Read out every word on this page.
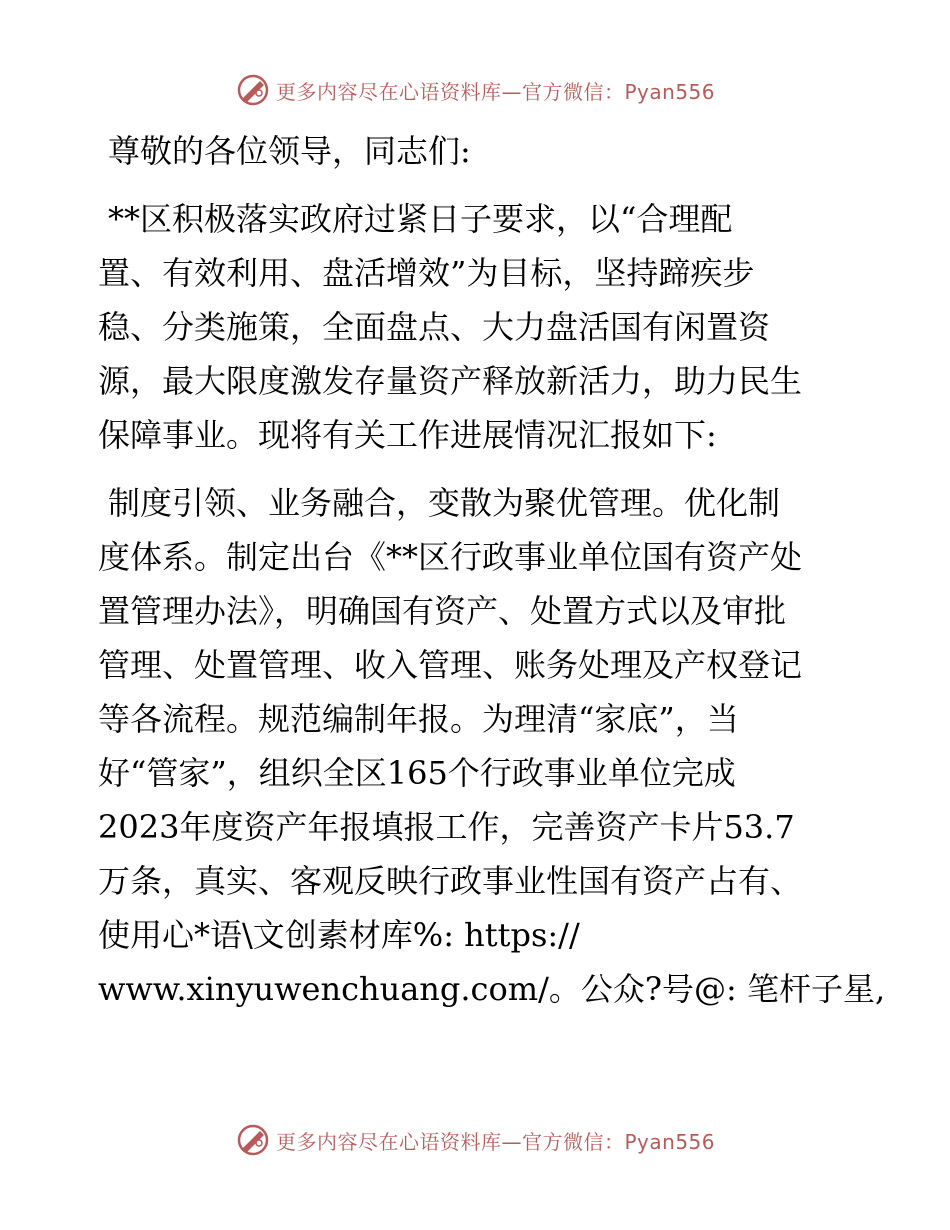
更多内容尽在心语资料库—官方微信：Pyan556
尊敬的各位领导，同志们:
**区积极落实政府过紧日子要求，以“合理配
置、有效利用、盘活增效”为目标，坚持蹄疾步
稳、分类施策，全面盘点、大力盘活国有闲置资
源，最大限度激发存量资产释放新活力，助力民生
保障事业。现将有关工作进展情况汇报如下:
制度引领、业务融合，变散为聚优管理。优化制
度体系。制定出台《**区行政事业单位国有资产处
置管理办法》，明确国有资产、处置方式以及审批
管理、处置管理、收入管理、账务处理及产权登记
等各流程。规范编制年报。为理清“家底”，当
好“管家”，组织全区165个行政事业单位完成
2023年度资产年报填报工作，完善资产卡片53.7
万条，真实、客观反映行政事业性国有资产占有、
使用心*语\文创素材库%: https://
www.xinyuwenchuang.com/。公众?号@: 笔杆子星,
更多内容尽在心语资料库—官方微信：Pyan556
